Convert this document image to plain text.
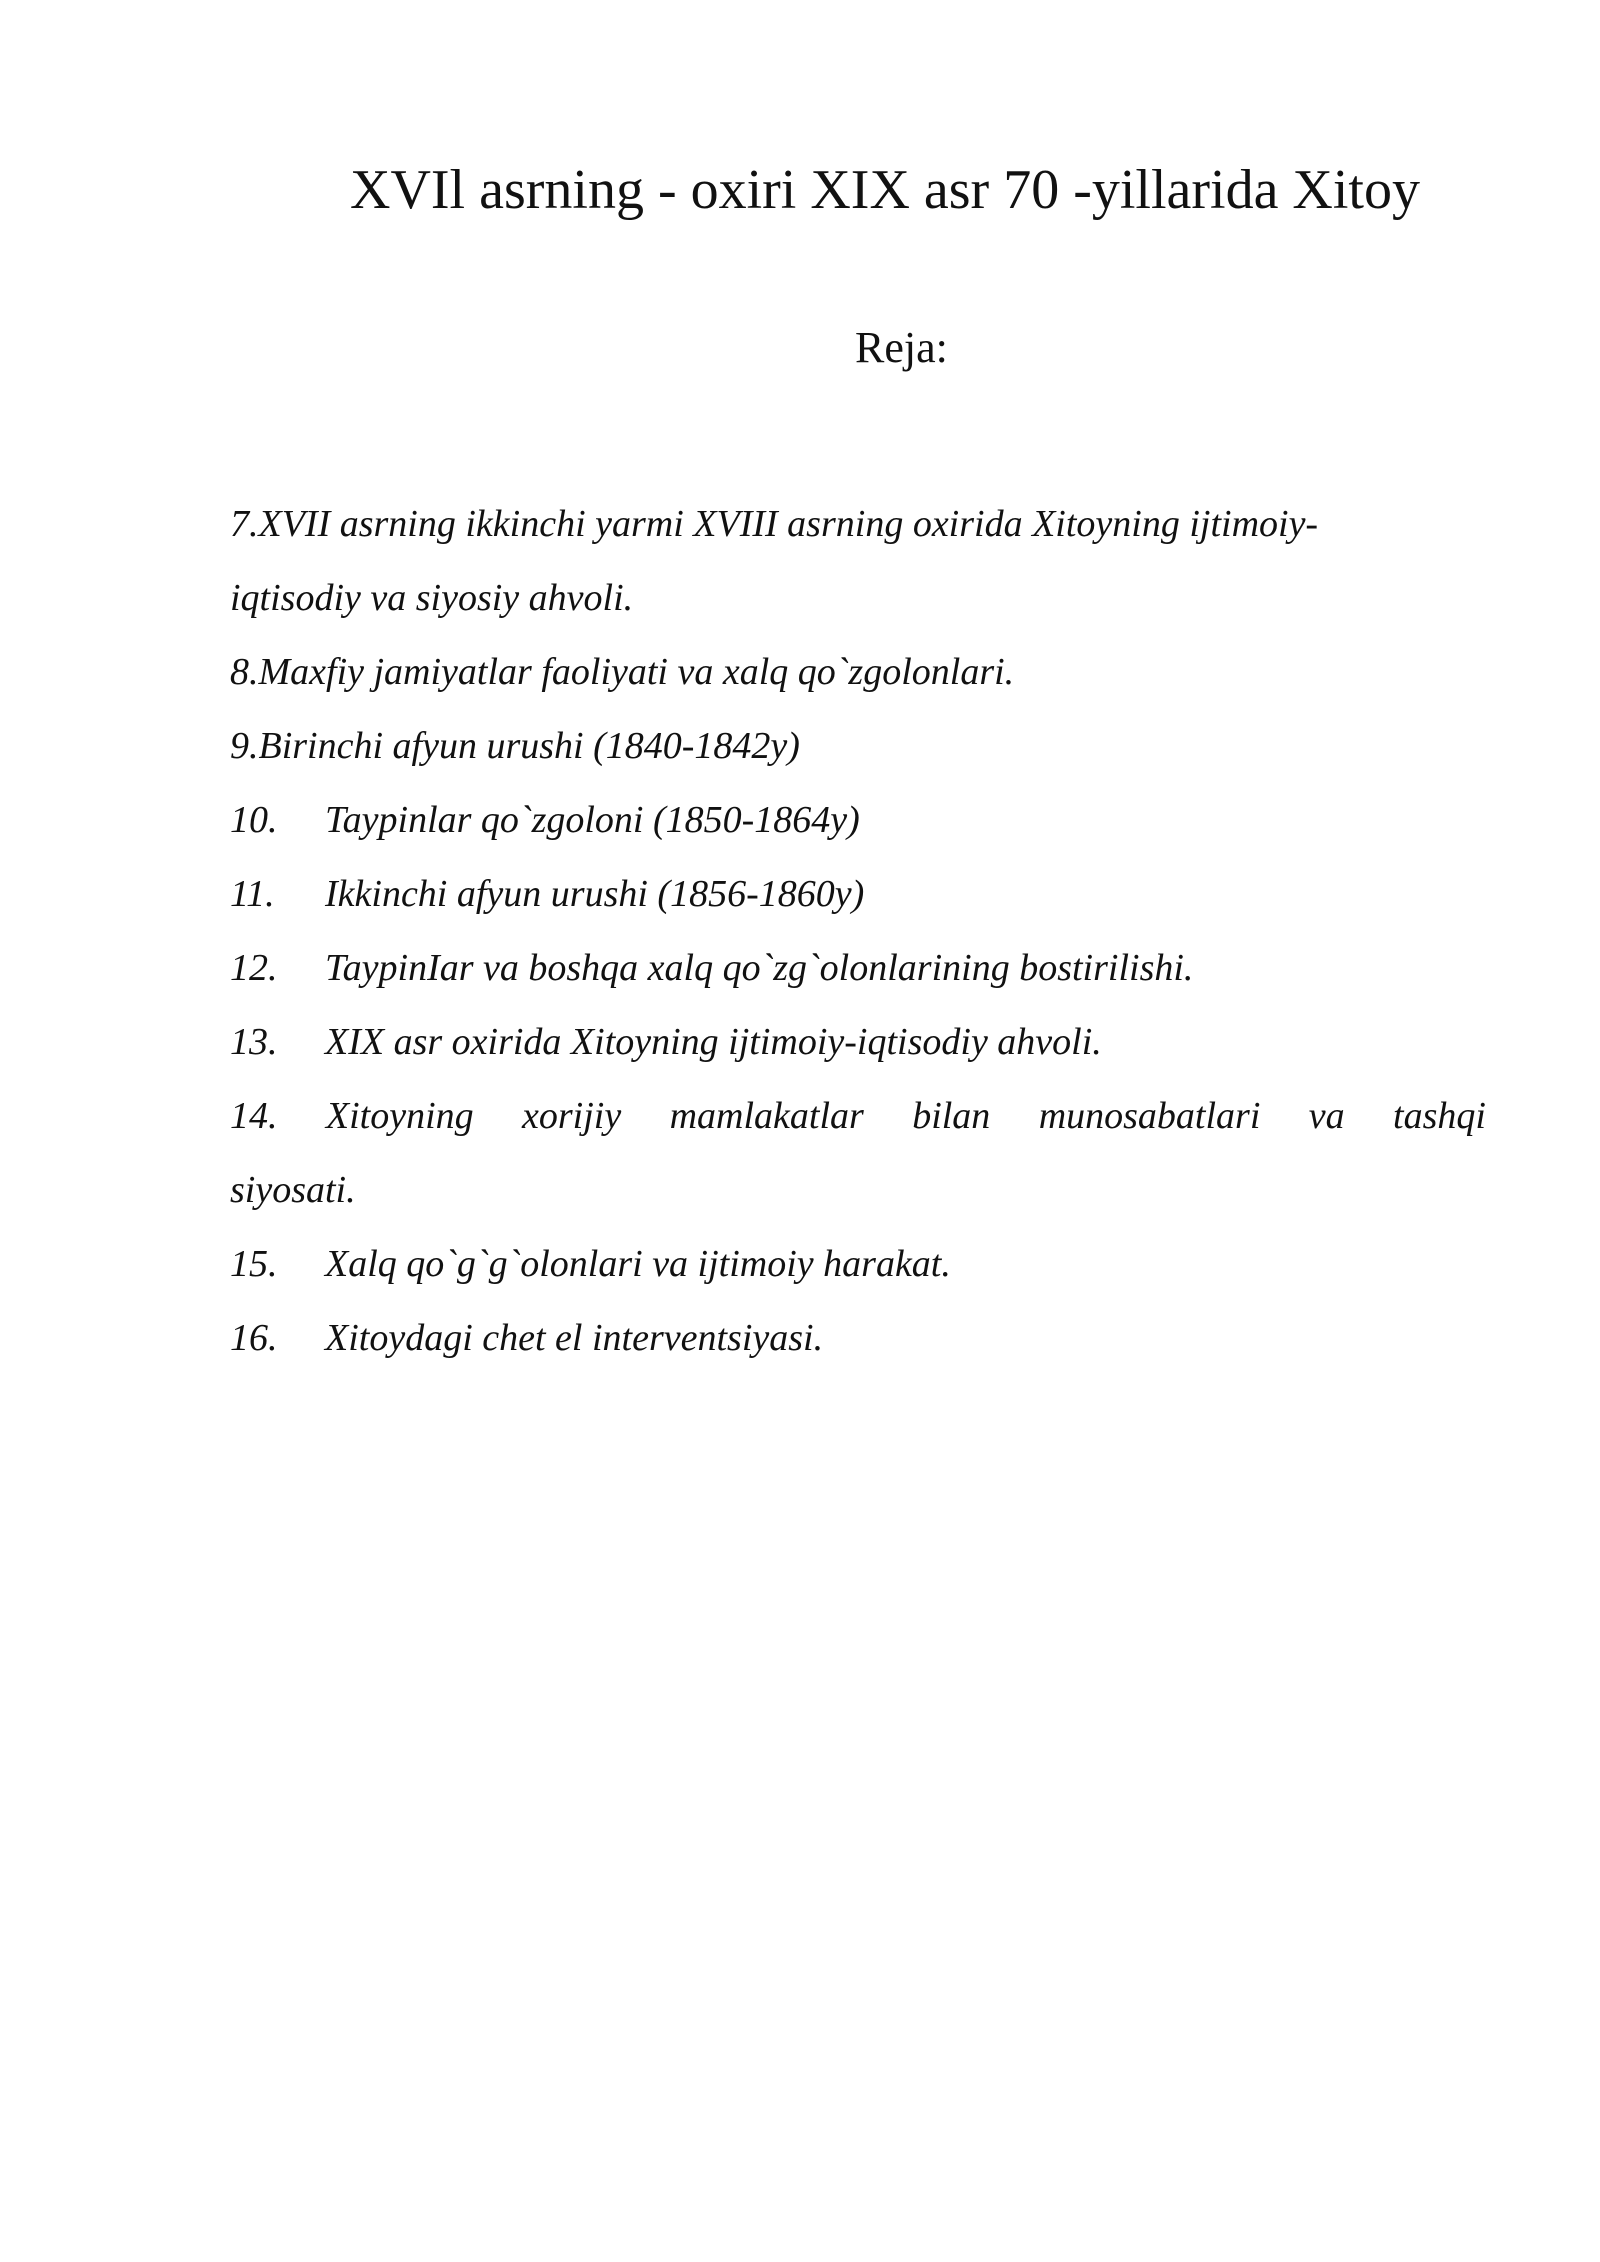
XVIl asrning - oxiri XIX asr 70 -yillarida Xitoy
Reja:
7.XVII asrning ikkinchi yarmi XVIII asrning oxirida Xitoyning ijtimoiy-
iqtisodiy va siyosiy ahvoli.
8.Maxfiy jamiyatlar faoliyati va xalq qo`zgolonlari.
9.Birinchi afyun urushi (1840-1842y)
10. Taypinlar qo`zgoloni (1850-1864y)
11. Ikkinchi afyun urushi (1856-1860y)
12. TaypinIar va boshqa xalq qo`zg`olonlarining bostirilishi.
13. XIX asr oxirida Xitoyning ijtimoiy-iqtisodiy ahvoli.
14. Xitoyning xorijiy mamlakatlar bilan munosabatlari va tashqi
siyosati.
15. Xalq qo`g`g`olonlari va ijtimoiy harakat.
16. Xitoydagi chet el interventsiyasi.
